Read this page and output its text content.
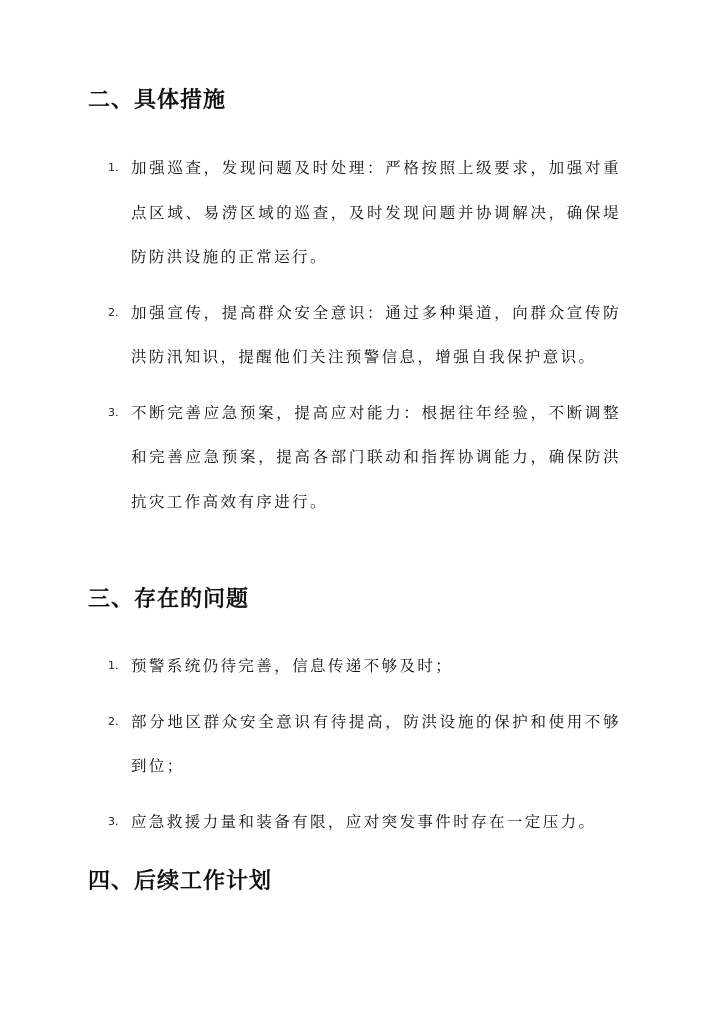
二、具体措施
1. 加强巡查，发现问题及时处理：严格按照上级要求，加强对重点区域、易涝区域的巡查，及时发现问题并协调解决，确保堤防防洪设施的正常运行。
2. 加强宣传，提高群众安全意识：通过多种渠道，向群众宣传防洪防汛知识，提醒他们关注预警信息，增强自我保护意识。
3. 不断完善应急预案，提高应对能力：根据往年经验，不断调整和完善应急预案，提高各部门联动和指挥协调能力，确保防洪抗灾工作高效有序进行。
三、存在的问题
1. 预警系统仍待完善，信息传递不够及时；
2. 部分地区群众安全意识有待提高，防洪设施的保护和使用不够到位；
3. 应急救援力量和装备有限，应对突发事件时存在一定压力。
四、后续工作计划
